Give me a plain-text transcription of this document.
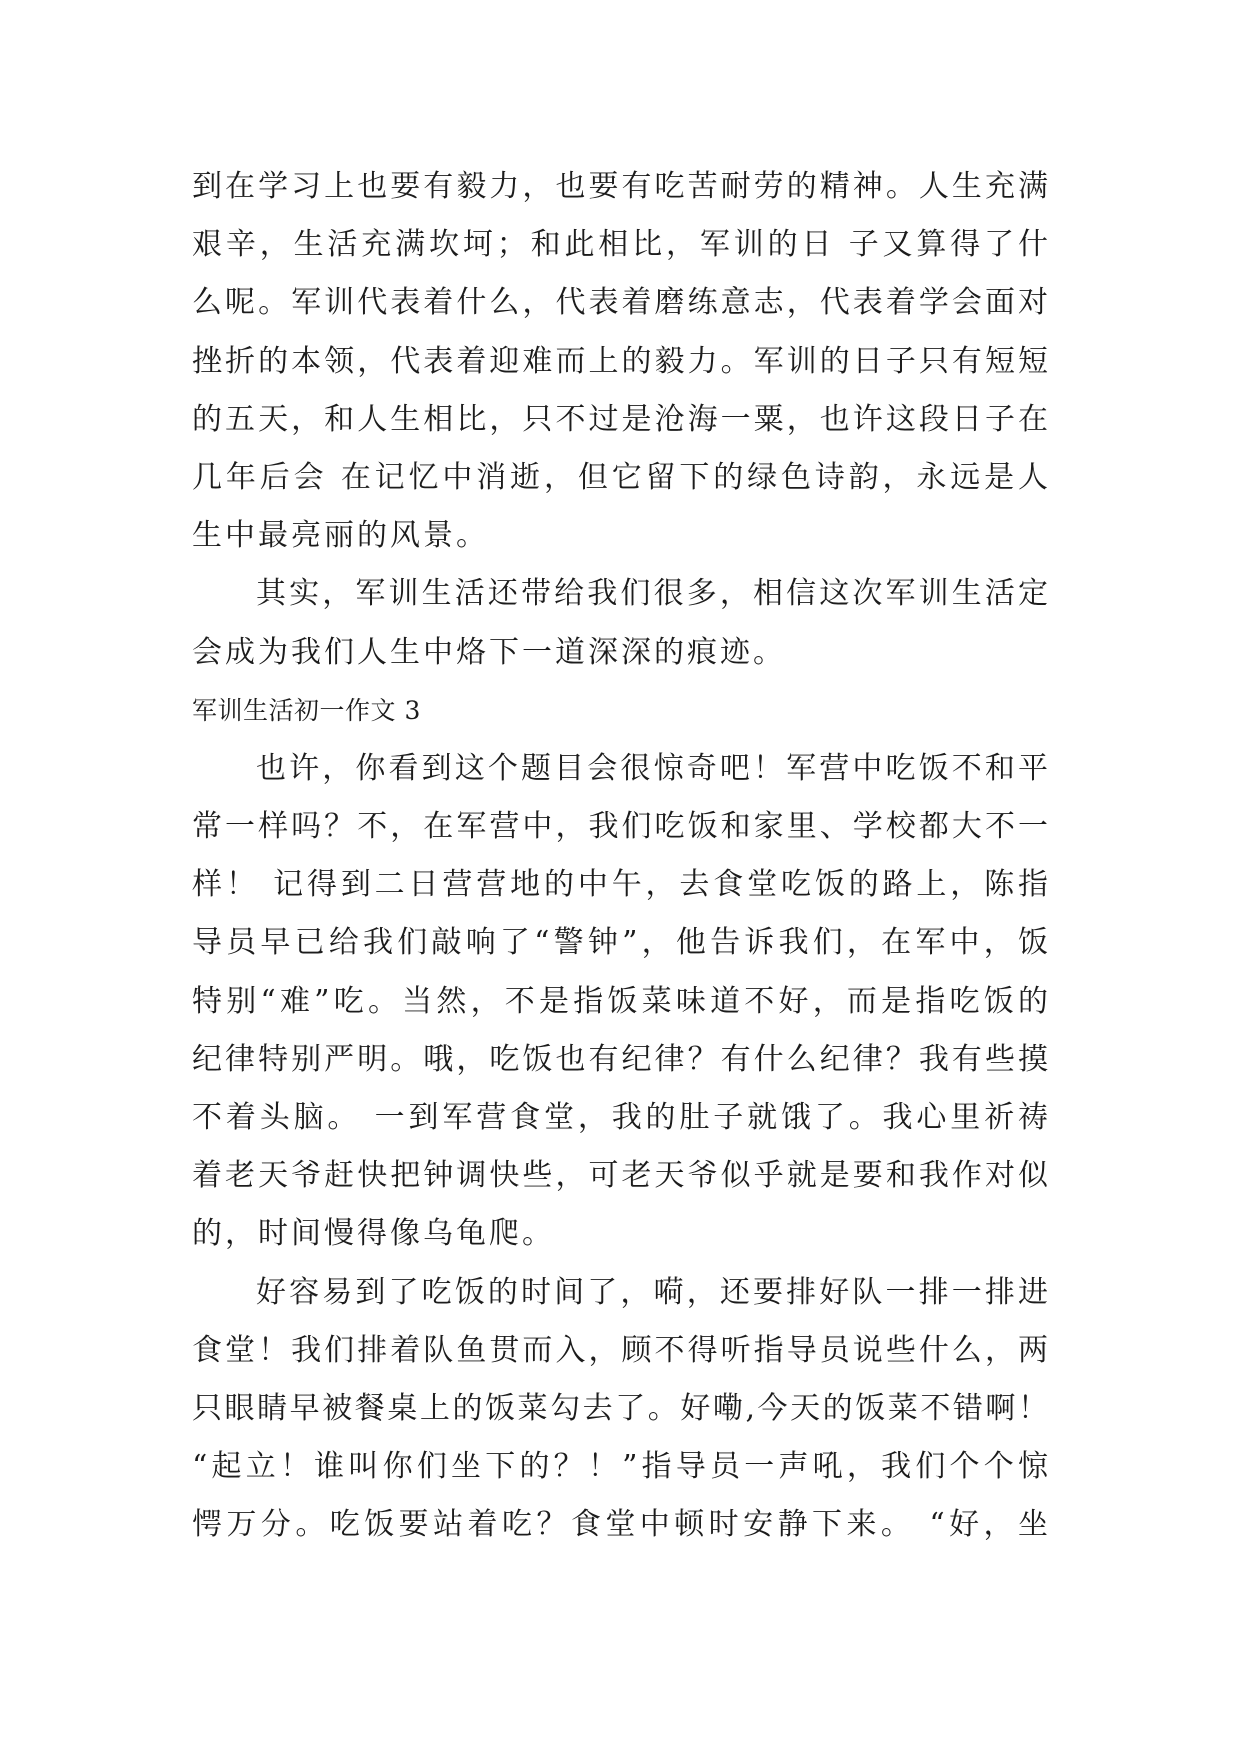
到在学习上也要有毅力，也要有吃苦耐劳的精神。人生充满
艰辛，生活充满坎坷；和此相比，军训的日 子又算得了什
么呢。军训代表着什么，代表着磨练意志，代表着学会面对
挫折的本领，代表着迎难而上的毅力。军训的日子只有短短
的五天，和人生相比，只不过是沧海一粟，也许这段日子在
几年后会 在记忆中消逝，但它留下的绿色诗韵，永远是人
生中最亮丽的风景。
其实，军训生活还带给我们很多，相信这次军训生活定
会成为我们人生中烙下一道深深的痕迹。
军训生活初一作文 3
也许，你看到这个题目会很惊奇吧！军营中吃饭不和平
常一样吗？不，在军营中，我们吃饭和家里、学校都大不一
样！ 记得到二日营营地的中午，去食堂吃饭的路上，陈指
导员早已给我们敲响了“警钟”，他告诉我们，在军中，饭
特别“难”吃。当然，不是指饭菜味道不好，而是指吃饭的
纪律特别严明。哦，吃饭也有纪律？有什么纪律？我有些摸
不着头脑。 一到军营食堂，我的肚子就饿了。我心里祈祷
着老天爷赶快把钟调快些，可老天爷似乎就是要和我作对似
的，时间慢得像乌龟爬。
好容易到了吃饭的时间了，嗬，还要排好队一排一排进
食堂！我们排着队鱼贯而入，顾不得听指导员说些什么，两
只眼睛早被餐桌上的饭菜勾去了。好嘞,今天的饭菜不错啊！
“起立！谁叫你们坐下的？！”指导员一声吼，我们个个惊
愕万分。吃饭要站着吃？食堂中顿时安静下来。 “好，坐
